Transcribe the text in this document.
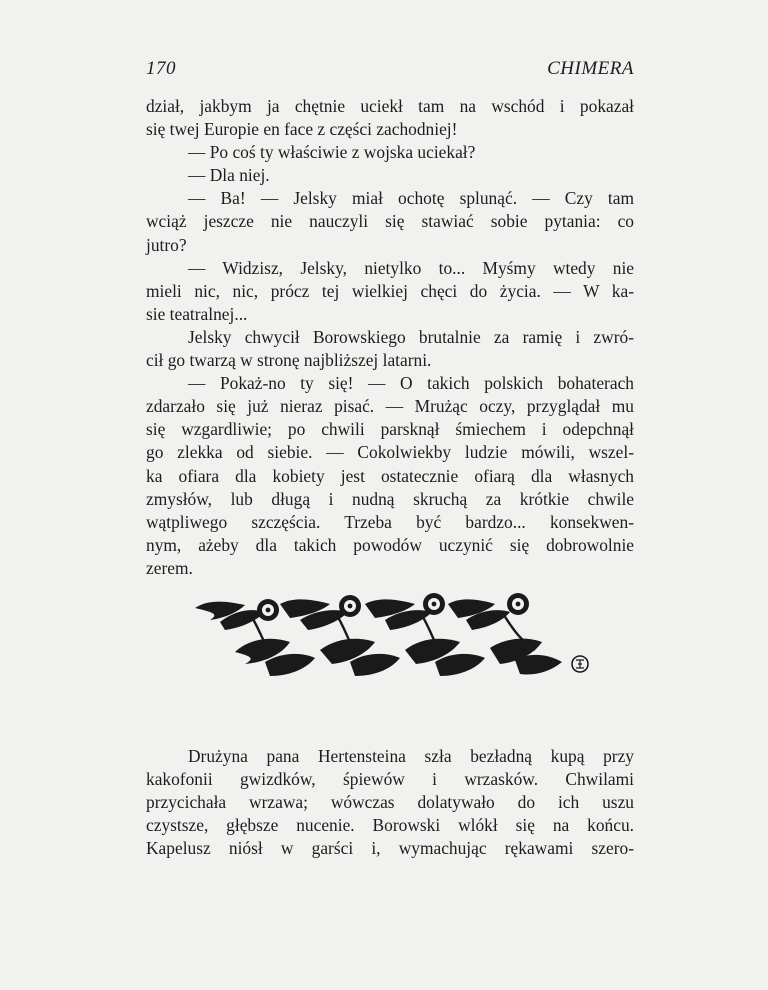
170	CHIMERA
dział, jakbym ja chętnie uciekł tam na wschód i pokazał
się twej Europie en face z części zachodniej!
— Po coś ty właściwie z wojska uciekał?
— Dla niej.
— Ba! — Jelsky miał ochotę splunąć. — Czy tam
wciąż jeszcze nie nauczyli się stawiać sobie pytania: co
jutro?
— Widzisz, Jelsky, nietylko to... Myśmy wtedy nie
mieli nic, nic, prócz tej wielkiej chęci do życia. — W ka-
sie teatralnej...
Jelsky chwycił Borowskiego brutalnie za ramię i zwró-
cił go twarzą w stronę najbliższej latarni.
— Pokaż-no ty się! — O takich polskich bohaterach
zdarzało się już nieraz pisać. — Mrużąc oczy, przyglądał mu
się wzgardliwie; po chwili parsknął śmiechem i odepchnął
go zlekka od siebie. — Cokolwiekby ludzie mówili, wszel-
ka ofiara dla kobiety jest ostatecznie ofiarą dla własnych
zmysłów, lub długą i nudną skruchą za krótkie chwile
wątpliwego szczęścia. Trzeba być bardzo... konsekwen-
nym, ażeby dla takich powodów uczynić się dobrowolnie
zerem.
Drużyna pana Hertensteina szła bezładną kupą przy
kakofonii gwizdków, śpiewów i wrzasków. Chwilami
przycichała wrzawa; wówczas dolatywało do ich uszu
czystsze, głębsze nucenie. Borowski wlókł się na końcu.
Kapelusz niósł w garści i, wymachując rękawami szero-
